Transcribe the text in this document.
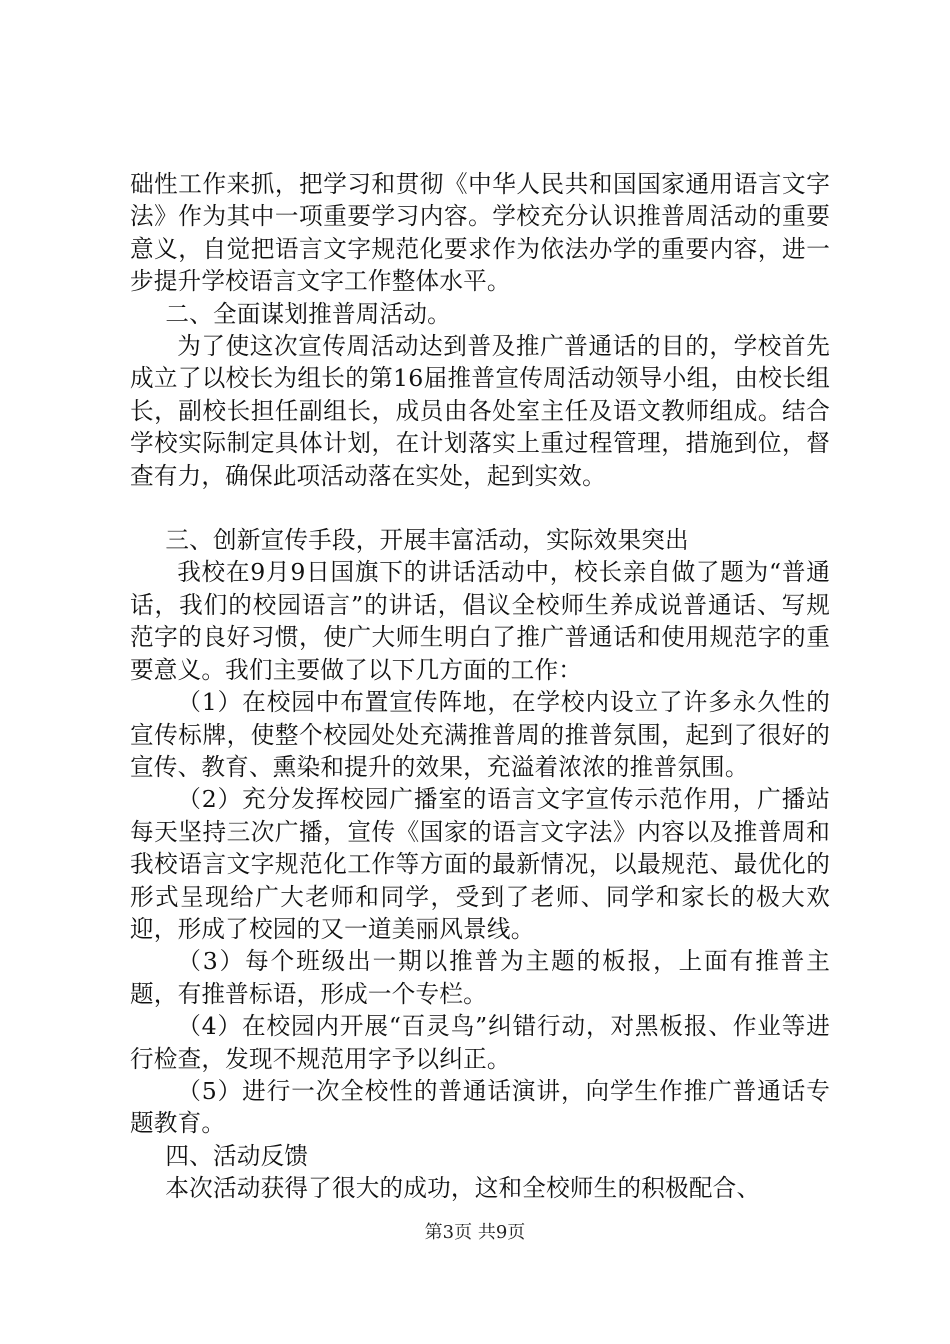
础性工作来抓，把学习和贯彻《中华人民共和国国家通用语言文字法》作为其中一项重要学习内容。学校充分认识推普周活动的重要意义，自觉把语言文字规范化要求作为依法办学的重要内容，进一步提升学校语言文字工作整体水平。

二、全面谋划推普周活动。

为了使这次宣传周活动达到普及推广普通话的目的，学校首先成立了以校长为组长的第16届推普宣传周活动领导小组，由校长组长，副校长担任副组长，成员由各处室主任及语文教师组成。结合学校实际制定具体计划，在计划落实上重过程管理，措施到位，督查有力，确保此项活动落在实处，起到实效。

三、创新宣传手段，开展丰富活动，实际效果突出

我校在9月9日国旗下的讲话活动中，校长亲自做了题为“普通话，我们的校园语言”的讲话，倡议全校师生养成说普通话、写规范字的良好习惯，使广大师生明白了推广普通话和使用规范字的重要意义。我们主要做了以下几方面的工作：

（1）在校园中布置宣传阵地，在学校内设立了许多永久性的宣传标牌，使整个校园处处充满推普周的推普氛围，起到了很好的宣传、教育、熏染和提升的效果，充溢着浓浓的推普氛围。

（2）充分发挥校园广播室的语言文字宣传示范作用，广播站每天坚持三次广播，宣传《国家的语言文字法》内容以及推普周和我校语言文字规范化工作等方面的最新情况，以最规范、最优化的形式呈现给广大老师和同学，受到了老师、同学和家长的极大欢迎，形成了校园的又一道美丽风景线。

（3）每个班级出一期以推普为主题的板报，上面有推普主题，有推普标语，形成一个专栏。

（4）在校园内开展“百灵鸟”纠错行动，对黑板报、作业等进行检查，发现不规范用字予以纠正。

（5）进行一次全校性的普通话演讲，向学生作推广普通话专题教育。

四、活动反馈

本次活动获得了很大的成功，这和全校师生的积极配合、

第3页 共9页
